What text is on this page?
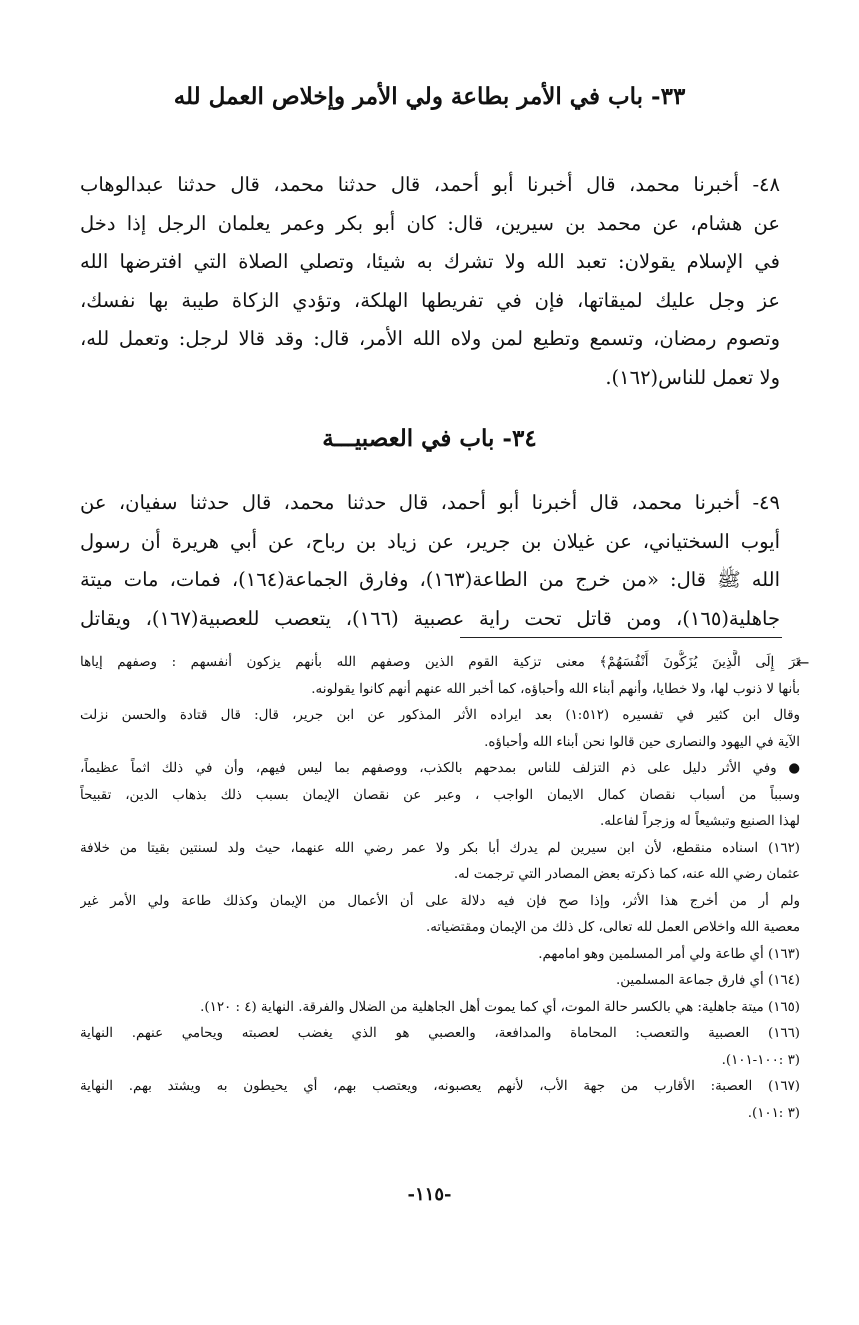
٣٣- باب في الأمر بطاعة ولي الأمر وإخلاص العمل لله
٤٨- أخبرنا محمد، قال أخبرنا أبو أحمد، قال حدثنا محمد، قال حدثنا عبدالوهاب
عن هشام، عن محمد بن سيرين، قال: كان أبو بكر وعمر يعلمان الرجل إذا دخل
في الإسلام يقولان: تعبد الله ولا تشرك به شيئا، وتصلي الصلاة التي افترضها الله
عز وجل عليك لميقاتها، فإن في تفريطها الهلكة، وتؤدي الزكاة طيبة بها نفسك،
وتصوم رمضان، وتسمع وتطيع لمن ولاه الله الأمر، قال: وقد قالا لرجل: وتعمل لله،
ولا تعمل للناس(١٦٢).
٣٤- باب في العصبيـــة
٤٩- أخبرنا محمد، قال أخبرنا أبو أحمد، قال حدثنا محمد، قال حدثنا سفيان، عن
أيوب السختياني، عن غيلان بن جرير، عن زياد بن رباح، عن أبي هريرة أن رسول
الله ﷺ قال: «من خرج من الطاعة(١٦٣)، وفارق الجماعة(١٦٤)، فمات، مات ميتة
جاهلية(١٦٥)، ومن قاتل تحت راية عصبية (١٦٦)، يتعصب للعصبية(١٦٧)، ويقاتل
←
تَرَ إِلَى الَّذِينَ يُزَكُّونَ أَنْفُسَهُمْ﴾ معنى تزكية القوم الذين وصفهم الله بأنهم يزكون أنفسهم : وصفهم إياها
بأنها لا ذنوب لها، ولا خطايا، وأنهم أبناء الله وأحباؤه، كما أخبر الله عنهم أنهم كانوا يقولونه.
وقال ابن كثير في تفسيره (١:٥١٢) بعد ايراده الأثر المذكور عن ابن جرير، قال: قال قتادة والحسن نزلت
الآية في اليهود والنصارى حين قالوا نحن أبناء الله وأحباؤه.
● وفي الأثر دليل على ذم التزلف للناس بمدحهم بالكذب، ووصفهم بما ليس فيهم، وأن في ذلك اثماً عظيماً،
وسبباً من أسباب نقصان كمال الايمان الواجب ، وعبر عن نقصان الإيمان بسبب ذلك بذهاب الدين، تقبيحاً
لهذا الصنيع وتبشيعاً له وزجراً لفاعله.
(١٦٢) اسناده منقطع، لأن ابن سيرين لم يدرك أبا بكر ولا عمر رضي الله عنهما، حيث ولد لسنتين بقيتا من خلافة
عثمان رضي الله عنه، كما ذكرته بعض المصادر التي ترجمت له.
ولم أر من أخرج هذا الأثر، وإذا صح فإن فيه دلالة على أن الأعمال من الإيمان وكذلك طاعة ولي الأمر غير
معصية الله واخلاص العمل لله تعالى، كل ذلك من الإيمان ومقتضياته.
(١٦٣) أي طاعة ولي أمر المسلمين وهو امامهم.
(١٦٤) أي فارق جماعة المسلمين.
(١٦٥) ميتة جاهلية: هي بالكسر حالة الموت، أي كما يموت أهل الجاهلية من الضلال والفرقة. النهاية (٤ : ١٢٠).
(١٦٦) العصبية والتعصب: المحاماة والمدافعة، والعصبي هو الذي يغضب لعصبته ويحامي عنهم. النهاية
(٣ :١٠٠-١٠١).
(١٦٧) العصبة: الأقارب من جهة الأب، لأنهم يعصبونه، ويعتصب بهم، أي يحيطون به ويشتد بهم. النهاية
(٣ :١٠١).
-١١٥-
